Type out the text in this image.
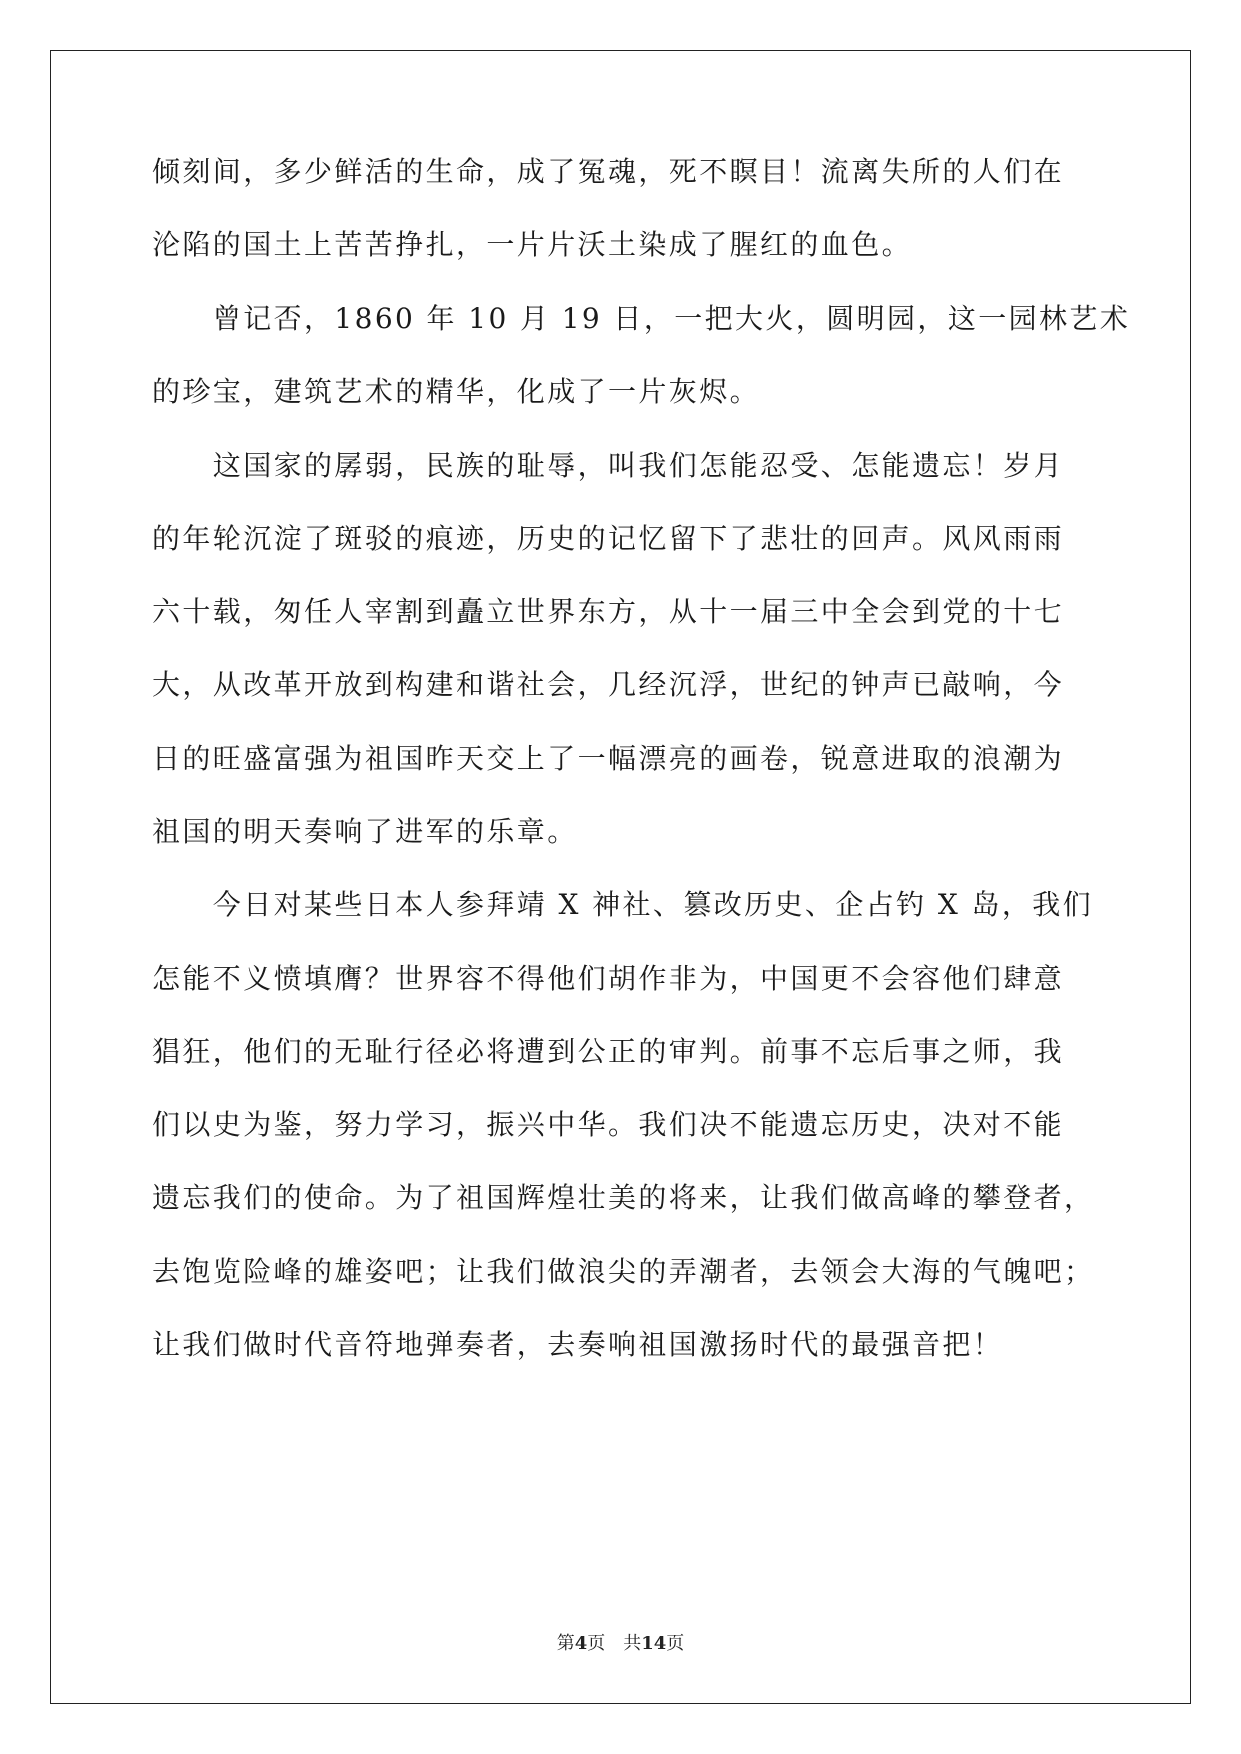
倾刻间，多少鲜活的生命，成了冤魂，死不瞑目！流离失所的人们在
沦陷的国土上苦苦挣扎，一片片沃土染成了腥红的血色。
　　曾记否，1860 年 10 月 19 日，一把大火，圆明园，这一园林艺术
的珍宝，建筑艺术的精华，化成了一片灰烬。
　　这国家的孱弱，民族的耻辱，叫我们怎能忍受、怎能遗忘！岁月
的年轮沉淀了斑驳的痕迹，历史的记忆留下了悲壮的回声。风风雨雨
六十载，匆任人宰割到矗立世界东方，从十一届三中全会到党的十七
大，从改革开放到构建和谐社会，几经沉浮，世纪的钟声已敲响，今
日的旺盛富强为祖国昨天交上了一幅漂亮的画卷，锐意进取的浪潮为
祖国的明天奏响了进军的乐章。
　　今日对某些日本人参拜靖 X 神社、篡改历史、企占钓 X 岛，我们
怎能不义愤填膺？世界容不得他们胡作非为，中国更不会容他们肆意
猖狂，他们的无耻行径必将遭到公正的审判。前事不忘后事之师，我
们以史为鉴，努力学习，振兴中华。我们决不能遗忘历史，决对不能
遗忘我们的使命。为了祖国辉煌壮美的将来，让我们做高峰的攀登者，
去饱览险峰的雄姿吧；让我们做浪尖的弄潮者，去领会大海的气魄吧；
让我们做时代音符地弹奏者，去奏响祖国激扬时代的最强音把！
第4页 共14页
